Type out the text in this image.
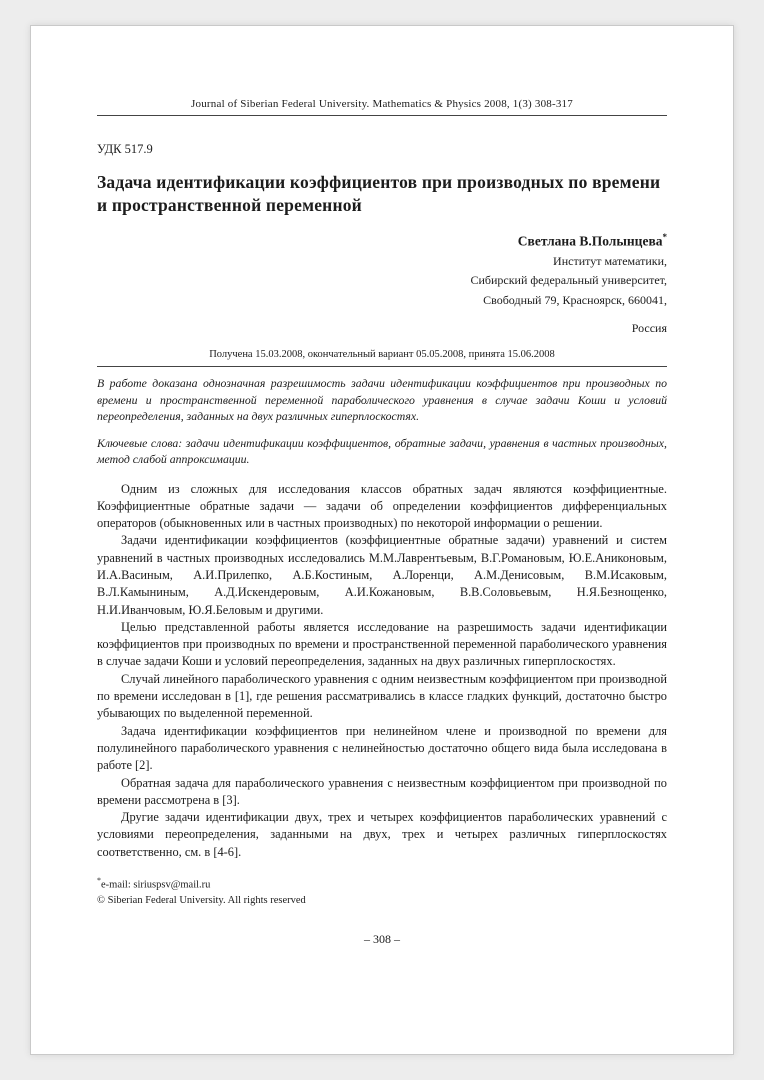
Journal of Siberian Federal University. Mathematics & Physics 2008, 1(3) 308-317
УДК 517.9
Задача идентификации коэффициентов при производных по времени и пространственной переменной
Светлана В.Полынцева*
Институт математики,
Сибирский федеральный университет,
Свободный 79, Красноярск, 660041,
Россия
Получена 15.03.2008, окончательный вариант 05.05.2008, принята 15.06.2008

В работе доказана однозначная разрешимость задачи идентификации коэффициентов при производных по времени и пространственной переменной параболического уравнения в случае задачи Коши и условий переопределения, заданных на двух различных гиперплоскостях.

Ключевые слова: задачи идентификации коэффициентов, обратные задачи, уравнения в частных производных, метод слабой аппроксимации.

Одним из сложных для исследования классов обратных задач являются коэффициентные. Коэффициентные обратные задачи — задачи об определении коэффициентов дифференциальных операторов (обыкновенных или в частных производных) по некоторой информации о решении.

Задачи идентификации коэффициентов (коэффициентные обратные задачи) уравнений и систем уравнений в частных производных исследовались М.М.Лаврентьевым, В.Г.Романовым, Ю.Е.Аниконовым, И.А.Васиным, А.И.Прилепко, А.Б.Костиным, А.Лоренци, А.М.Денисовым, В.М.Исаковым, В.Л.Камыниным, А.Д.Искендеровым, А.И.Кожановым, В.В.Соловьевым, Н.Я.Безнощенко, Н.И.Иванчовым, Ю.Я.Беловым и другими.

Целью представленной работы является исследование на разрешимость задачи идентификации коэффициентов при производных по времени и пространственной переменной параболического уравнения в случае задачи Коши и условий переопределения, заданных на двух различных гиперплоскостях.

Случай линейного параболического уравнения с одним неизвестным коэффициентом при производной по времени исследован в [1], где решения рассматривались в классе гладких функций, достаточно быстро убывающих по выделенной переменной.

Задача идентификации коэффициентов при нелинейном члене и производной по времени для полулинейного параболического уравнения с нелинейностью достаточно общего вида была исследована в работе [2].

Обратная задача для параболического уравнения с неизвестным коэффициентом при производной по времени рассмотрена в [3].

Другие задачи идентификации двух, трех и четырех коэффициентов параболических уравнений с условиями переопределения, заданными на двух, трех и четырех различных гиперплоскостях соответственно, см. в [4-6].

*e-mail: siriuspsv@mail.ru
© Siberian Federal University. All rights reserved
– 308 –
